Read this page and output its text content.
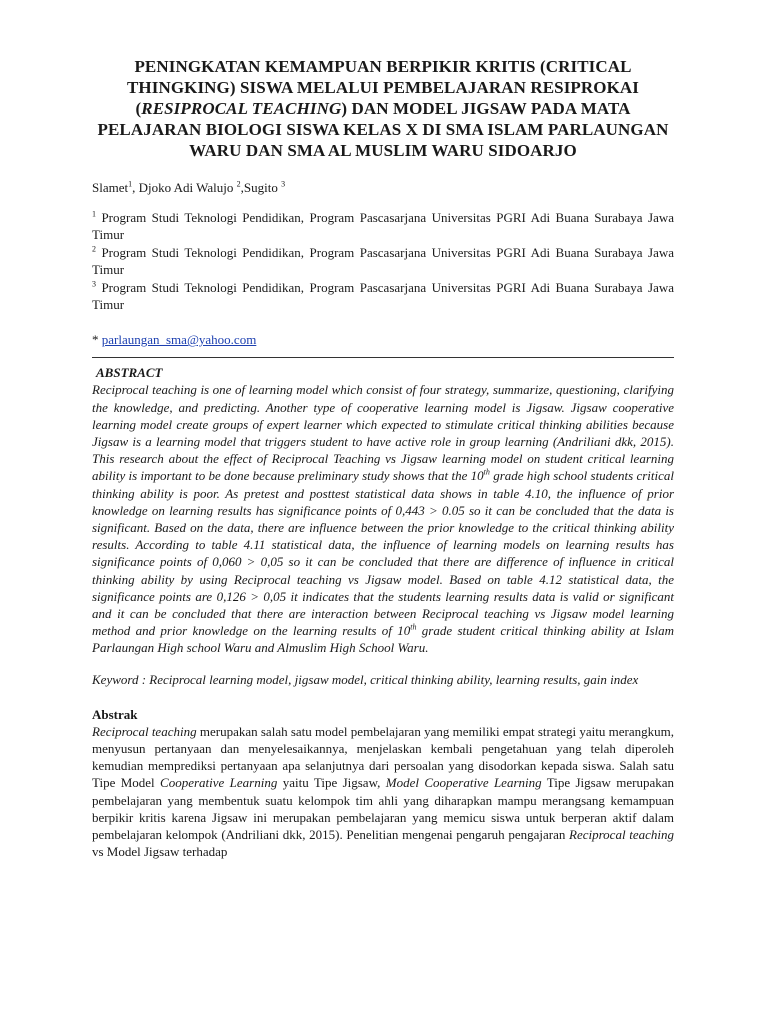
PENINGKATAN KEMAMPUAN BERPIKIR KRITIS (CRITICAL THINGKING) SISWA MELALUI PEMBELAJARAN RESIPROKAI (RESIPROCAL TEACHING) DAN MODEL JIGSAW PADA MATA PELAJARAN BIOLOGI SISWA KELAS X DI SMA ISLAM PARLAUNGAN WARU DAN SMA AL MUSLIM WARU SIDOARJO

Slamet$^1$, Djoko Adi Walujo $^2$,Sugito $^3$

$^1$ Program Studi Teknologi Pendidikan, Program Pascasarjana Universitas PGRI Adi Buana Surabaya Jawa Timur

$^2$ Program Studi Teknologi Pendidikan, Program Pascasarjana Universitas PGRI Adi Buana Surabaya Jawa Timur

$^3$ Program Studi Teknologi Pendidikan, Program Pascasarjana Universitas PGRI Adi Buana Surabaya Jawa Timur

* parlaungan_sma@yahoo.com

ABSTRACT

Reciprocal teaching is one of learning model which consist of four strategy, summarize, questioning, clarifying the knowledge, and predicting. Another type of cooperative learning model is Jigsaw. Jigsaw cooperative learning model create groups of expert learner which expected to stimulate critical thinking abilities because Jigsaw is a learning model that triggers student to have active role in group learning (Andriliani dkk, 2015). This research about the effect of Reciprocal Teaching vs Jigsaw learning model on student critical learning ability is important to be done because preliminary study shows that the 10th grade high school students critical thinking ability is poor. As pretest and posttest statistical data shows in table 4.10, the influence of prior knowledge on learning results has significance points of 0,443 > 0.05 so it can be concluded that the data is significant. Based on the data, there are influence between the prior knowledge to the critical thinking ability results. According to table 4.11 statistical data, the influence of learning models on learning results has significance points of 0,060 > 0,05 so it can be concluded that there are difference of influence in critical thinking ability by using Reciprocal teaching vs Jigsaw model. Based on table 4.12 statistical data, the significance points are 0,126 > 0,05 it indicates that the students learning results data is valid or significant and it can be concluded that there are interaction between Reciprocal teaching vs Jigsaw model learning method and prior knowledge on the learning results of 10th grade student critical thinking ability at Islam Parlaungan High school Waru and Almuslim High School Waru.

Keyword : Reciprocal learning model, jigsaw model, critical thinking ability, learning results, gain index

Abstrak

Reciprocal teaching merupakan salah satu model pembelajaran yang memiliki empat strategi yaitu merangkum, menyusun pertanyaan dan menyelesaikannya, menjelaskan kembali pengetahuan yang telah diperoleh kemudian memprediksi pertanyaan apa selanjutnya dari persoalan yang disodorkan kepada siswa. Salah satu Tipe Model Cooperative Learning yaitu Tipe Jigsaw, Model Cooperative Learning Tipe Jigsaw merupakan pembelajaran yang membentuk suatu kelompok tim ahli yang diharapkan mampu merangsang kemampuan berpikir kritis karena Jigsaw ini merupakan pembelajaran yang memicu siswa untuk berperan aktif dalam pembelajaran kelompok (Andriliani dkk, 2015). Penelitian mengenai pengaruh pengajaran Reciprocal teaching vs Model Jigsaw terhadap
